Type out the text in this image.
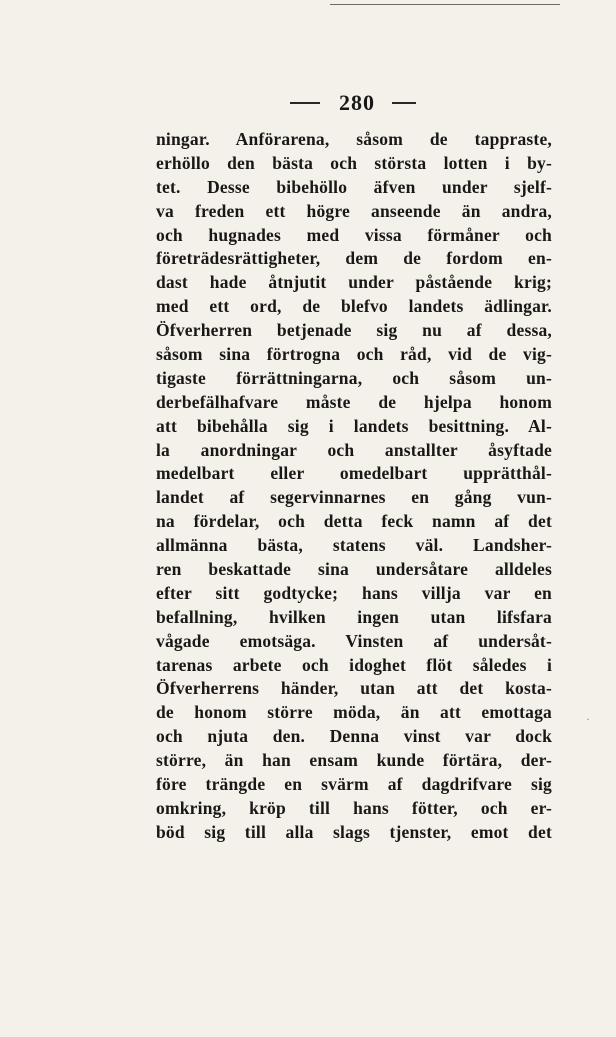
280
ningar. Anförarena, såsom de tappraste,
erhöllo den bästa och största lotten i by-
tet. Desse bibehöllo äfven under sjelf-
va freden ett högre anseende än andra,
och hugnades med vissa förmåner och
företrädesrättigheter, dem de fordom en-
dast hade åtnjutit under påstående krig;
med ett ord, de blefvo landets ädlingar.
Öfverherren betjenade sig nu af dessa,
såsom sina förtrogna och råd, vid de vig-
tigaste förrättningarna, och såsom un-
derbefälhafvare måste de hjelpa honom
att bibehålla sig i landets besittning. Al-
la anordningar och anstallter åsyftade
medelbart eller omedelbart upprätthål-
landet af segervinnarnes en gång vun-
na fördelar, och detta feck namn af det
allmänna bästa, statens väl. Landsher-
ren beskattade sina undersåtare alldeles
efter sitt godtycke; hans villja var en
befallning, hvilken ingen utan lifsfara
vågade emotsäga. Vinsten af undersåt-
tarenas arbete och idoghet flöt således i
Öfverherrens händer, utan att det kosta-
de honom större möda, än att emottaga
och njuta den. Denna vinst var dock
större, än han ensam kunde förtära, der-
före trängde en svärm af dagdrifvare sig
omkring, kröp till hans fötter, och er-
böd sig till alla slags tjenster, emot det
·
